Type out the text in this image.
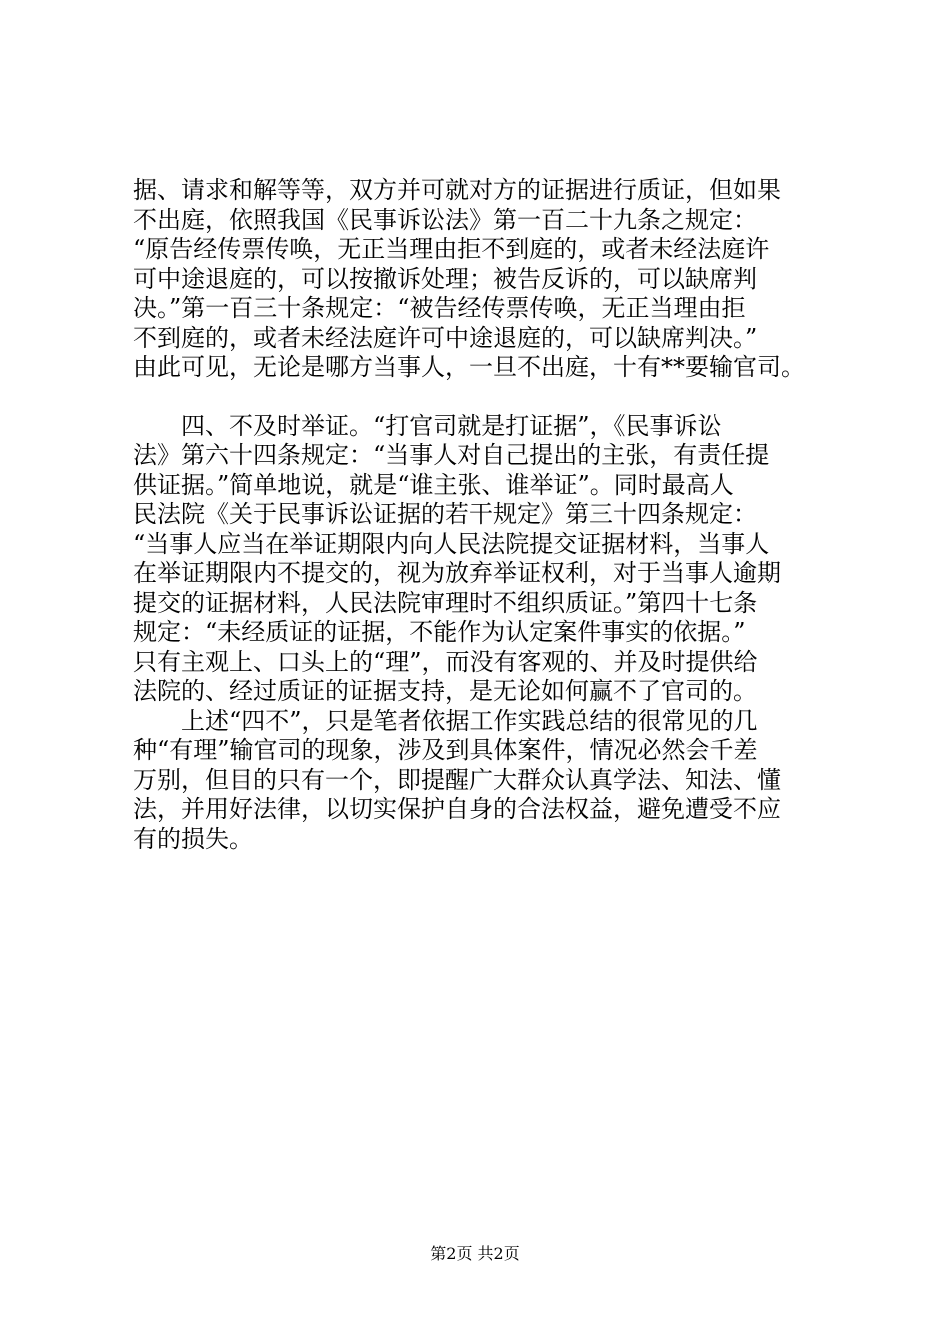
据、请求和解等等，双方并可就对方的证据进行质证，但如果
不出庭，依照我国《民事诉讼法》第一百二十九条之规定：
“原告经传票传唤，无正当理由拒不到庭的，或者未经法庭许
可中途退庭的，可以按撤诉处理；被告反诉的，可以缺席判
决。”第一百三十条规定：“被告经传票传唤，无正当理由拒
不到庭的，或者未经法庭许可中途退庭的，可以缺席判决。”
由此可见，无论是哪方当事人，一旦不出庭，十有**要输官司。
　　四、不及时举证。“打官司就是打证据”，《民事诉讼
法》第六十四条规定：“当事人对自己提出的主张，有责任提
供证据。”简单地说，就是“谁主张、谁举证”。同时最高人
民法院《关于民事诉讼证据的若干规定》第三十四条规定：
“当事人应当在举证期限内向人民法院提交证据材料，当事人
在举证期限内不提交的，视为放弃举证权利，对于当事人逾期
提交的证据材料，人民法院审理时不组织质证。”第四十七条
规定：“未经质证的证据，不能作为认定案件事实的依据。”
只有主观上、口头上的“理”，而没有客观的、并及时提供给
法院的、经过质证的证据支持，是无论如何赢不了官司的。
　　上述“四不”，只是笔者依据工作实践总结的很常见的几
种“有理”输官司的现象，涉及到具体案件，情况必然会千差
万别，但目的只有一个，即提醒广大群众认真学法、知法、懂
法，并用好法律，以切实保护自身的合法权益，避免遭受不应
有的损失。
第2页 共2页
